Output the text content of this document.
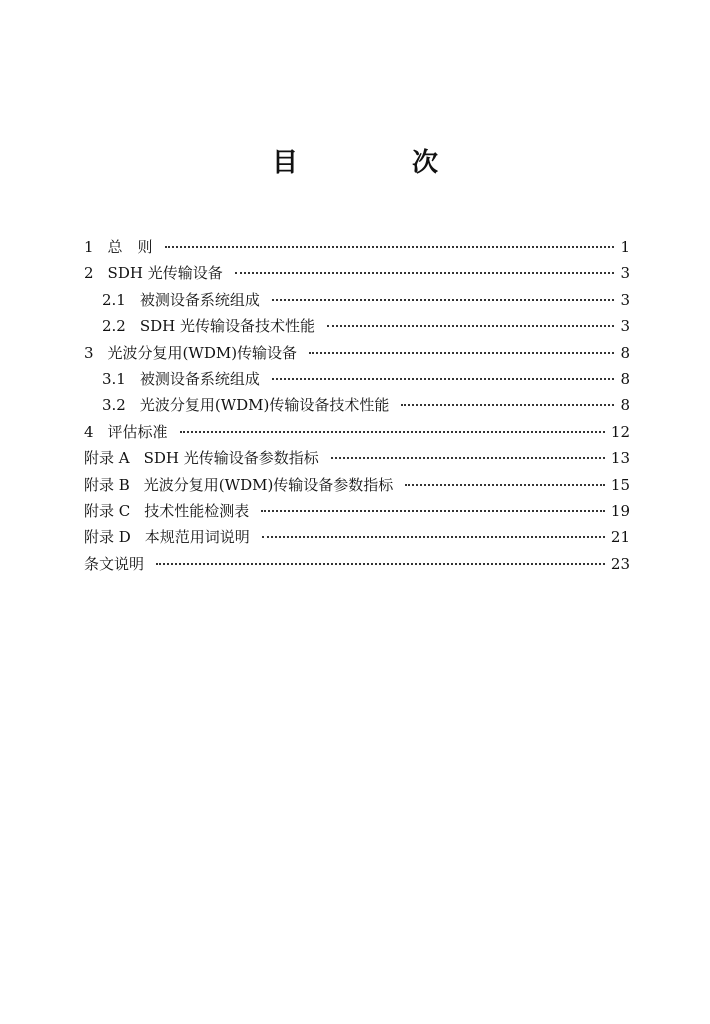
目　次
1 总　则	1
2 SDH 光传输设备	3
2.1 被测设备系统组成	3
2.2 SDH 光传输设备技术性能	3
3 光波分复用(WDM)传输设备	8
3.1 被测设备系统组成	8
3.2 光波分复用(WDM)传输设备技术性能	8
4 评估标准	12
附录 A SDH 光传输设备参数指标	13
附录 B 光波分复用(WDM)传输设备参数指标	15
附录 C 技术性能检测表	19
附录 D 本规范用词说明	21
条文说明	23
